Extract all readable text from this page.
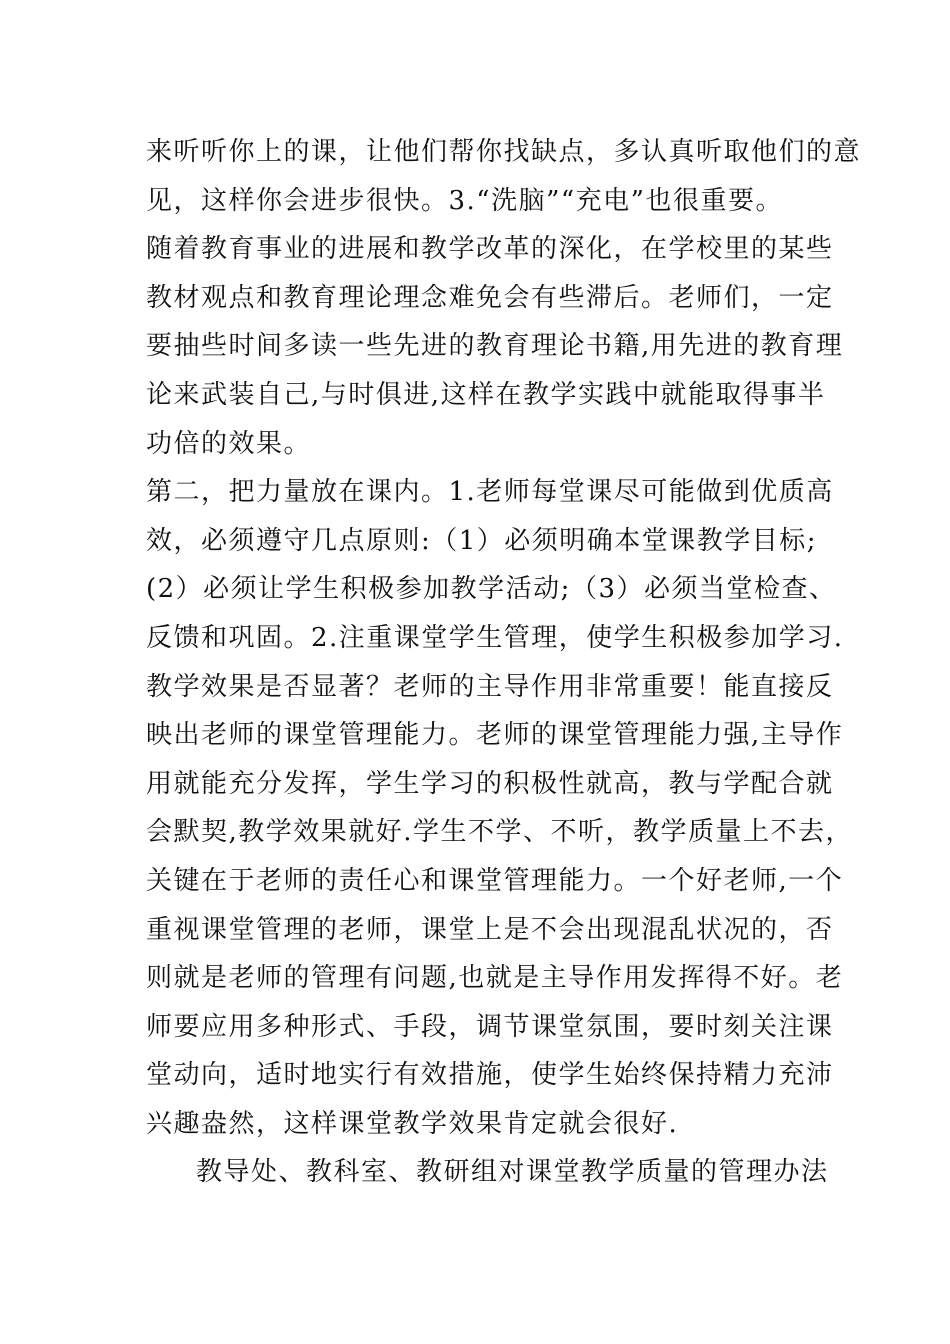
来听听你上的课，让他们帮你找缺点，多认真听取他们的意
见，这样你会进步很快。3.“洗脑”“充电”也很重要。
随着教育事业的进展和教学改革的深化，在学校里的某些
教材观点和教育理论理念难免会有些滞后。老师们，一定
要抽些时间多读一些先进的教育理论书籍,用先进的教育理
论来武装自己,与时俱进,这样在教学实践中就能取得事半
功倍的效果。
第二，把力量放在课内。1.老师每堂课尽可能做到优质高
效，必须遵守几点原则:（1）必须明确本堂课教学目标;
(2）必须让学生积极参加教学活动;（3）必须当堂检查、
反馈和巩固。2.注重课堂学生管理，使学生积极参加学习.
教学效果是否显著？老师的主导作用非常重要！能直接反
映出老师的课堂管理能力。老师的课堂管理能力强,主导作
用就能充分发挥，学生学习的积极性就高，教与学配合就
会默契,教学效果就好.学生不学、不听，教学质量上不去，
关键在于老师的责任心和课堂管理能力。一个好老师,一个
重视课堂管理的老师，课堂上是不会出现混乱状况的，否
则就是老师的管理有问题,也就是主导作用发挥得不好。老
师要应用多种形式、手段，调节课堂氛围，要时刻关注课
堂动向，适时地实行有效措施，使学生始终保持精力充沛
兴趣盎然，这样课堂教学效果肯定就会很好.
教导处、教科室、教研组对课堂教学质量的管理办法
